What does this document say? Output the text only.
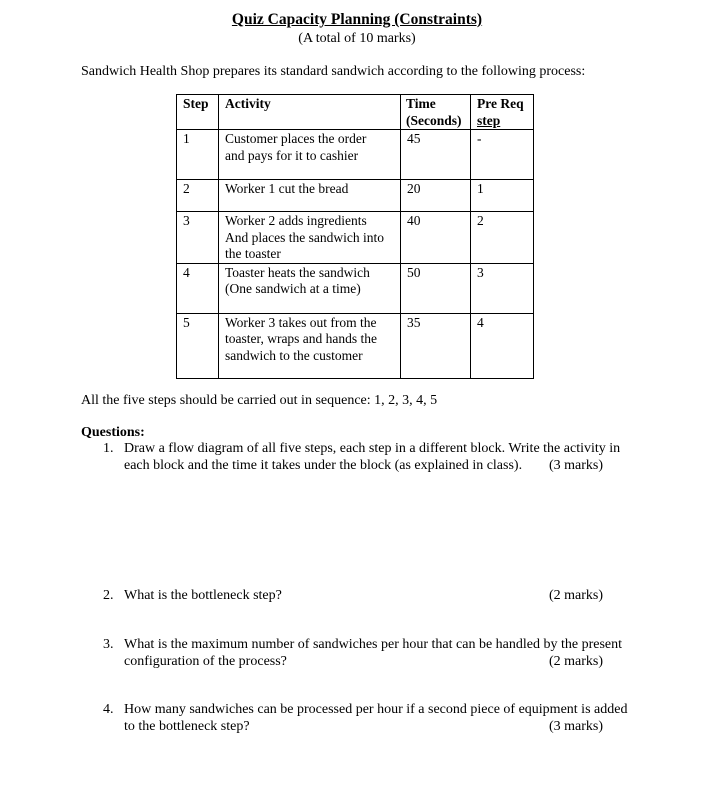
Quiz Capacity Planning (Constraints)
(A total of 10 marks)
Sandwich Health Shop prepares its standard sandwich according to the following process:
Step	Activity	Time
(Seconds)	Pre Req
step
1	Customer places the order
and pays for it to cashier	45	-
2	Worker 1 cut the bread	20	1
3	Worker 2 adds ingredients
And places the sandwich into
the toaster	40	2
4	Toaster heats the sandwich
(One sandwich at a time)	50	3
5	Worker 3 takes out from the
toaster, wraps and hands the
sandwich to the customer	35	4
All the five steps should be carried out in sequence: 1, 2, 3, 4, 5
Questions:
1. Draw a flow diagram of all five steps, each step in a different block. Write the activity in
each block and the time it takes under the block (as explained in class). (3 marks)
2. What is the bottleneck step?	(2 marks)
3. What is the maximum number of sandwiches per hour that can be handled by the present
configuration of the process?	(2 marks)
4. How many sandwiches can be processed per hour if a second piece of equipment is added
to the bottleneck step?	(3 marks)
